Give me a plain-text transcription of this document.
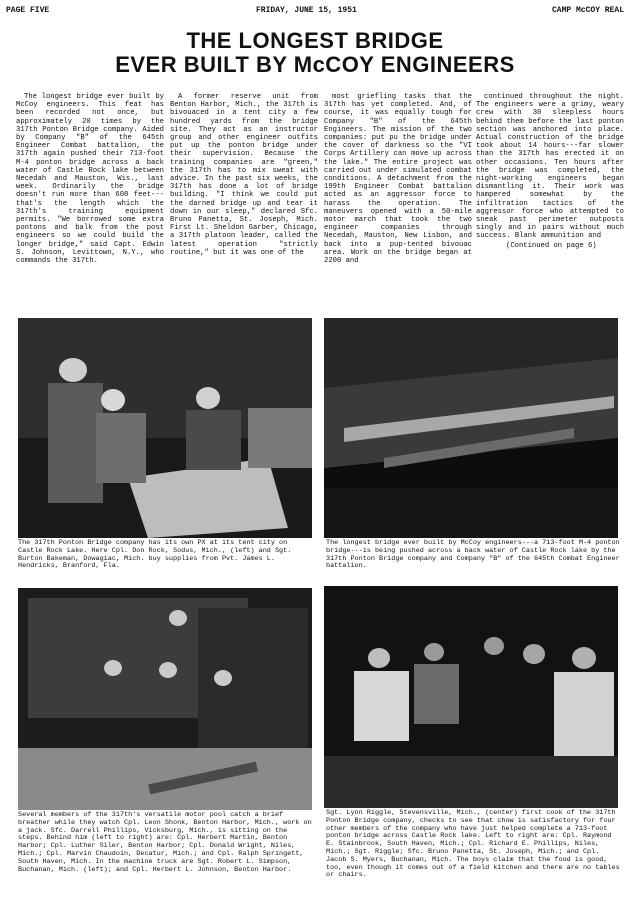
PAGE FIVE	FRIDAY, JUNE 15, 1951	CAMP McCOY REAL
THE LONGEST BRIDGE
EVER BUILT BY McCOY ENGINEERS

The longest bridge ever built by McCoy engineers. This feat has been recorded not once, but approximately 20 times by the 317th Ponton Bridge company. Aided by Company "B" of the 645th Engineer Combat battalion, the 317th again pushed their 713-foot M-4 ponton bridge across a back water of Castle Rock lake between Necedah and Mauston, Wis., last week. Ordinarily the bridge doesn't run more than 608 feet---that's the length which the 317th's training equipment permits. "We borrowed some extra pontons and balk from the post engineers so we could build the longer bridge," said Capt. Edwin S. Johnson, Levittown, N.Y., who commands the 317th.

A former reserve unit from Benton Harbor, Mich., the 317th is bivouaced in a tent city a few hundred yards from the bridge site. They act as an instructor group and other engineer outfits put up the ponton bridge under their supervision. Because the training companies are "green," the 317th has to mix sweat with advice. In the past six weeks, the 317th has done a lot of bridge building. "I think we could put the darned bridge up and tear it down in our sleep," declared Sfc. Bruno Panetta, St. Joseph, Mich. First Lt. Sheldon Garber, Chicago, a 317th platoon leader, called the latest operation "strictly routine," but it was one of the

most griefling tasks that the 317th has yet completed. And, of course, it was equally tough for Company "B" of the 645th Engineers. The mission of the two companies: put pu the bridge under the cover of darkness so the "VI Corps Artillery can move up across the lake." The entire project was carried out under simulated combat conditions. A detachment from the 199th Engineer Combat battalion acted as an aggressor force to harass the operation. The maneuvers opened with a 50-mile motor march that took the two engineer companies through Necedah, Mauston, New Lisbon, and back into a pup-tented bivouac area. Work on the bridge began at 2200 and

continued throughout the night. The engineers were a grimy, weary crew with 30 sleepless hours behind them before the last ponton section was anchored into place. Actual construction of the bridge took about 14 hours---far slower than the 317th has erected it on other occasions. Ten hours after the bridge was completed, the night-working engineers began dismantling it. Their work was hampered somewhat by the infiltration tactics of the aggressor force who attempted to sneak past perimeter outposts singly and in pairs without much success. Blank ammunition and

(Continued on page 6)

The 317th Ponton Bridge company has its own PX at its tent city on Castle Rock Lake. Here Cpl. Don Rock, Sodus, Mich., (left) and Sgt. Burton Bakeman, Dowagiac, Mich. buy supplies from Pvt. James L. Hendricks, Branford, Fla.
The longest bridge ever built by McCoy engineers---a 713-foot M-4 ponton bridge---is being pushed across a back water of Castle Rock lake by the 317th Ponton Bridge company and Company "B" of the 645th Combat Engineer battalion.
Several members of the 317th's versatile motor pool catch a brief breather while they watch Cpl. Leon Shonk, Benton Harbor, Mich., work on a jack. Sfc. Darrell Phillips, Vicksburg, Mich., is sitting on the steps. Behind him (left to right) are: Cpl. Herbert Martin, Benton Harbor; Cpl. Luther Siler, Benton Harbor; Cpl. Donald Wright, Niles, Mich.; Cpl. Marvin Chaudoin, Decatur, Mich.; and Cpl. Ralph Springett, South Haven, Mich. In the machine truck are Sgt. Robert L. Simpson, Buchanan, Mich. (left); and Cpl. Herbert L. Johnson, Benton Harbor.
Sgt. Lynn Riggle, Stevensville, Mich., (center) first cook of the 317th Ponton Bridge company, checks to see that chow is satisfactory for four other members of the company who have just helped complete a 713-foot ponton bridge across Castle Rock lake. Left to right are: Cpl. Raymond E. Stainbrook, South Haven, Mich.; Cpl. Richard E. Phillips, Niles, Mich.; Sgt. Riggle; Sfc. Bruno Panetta, St. Joseph, Mich.; and Cpl. Jacob S. Myers, Buchanan, Mich. The boys claim that the food is good, too, even though it comes out of a field kitchen and there are no tables or chairs.
